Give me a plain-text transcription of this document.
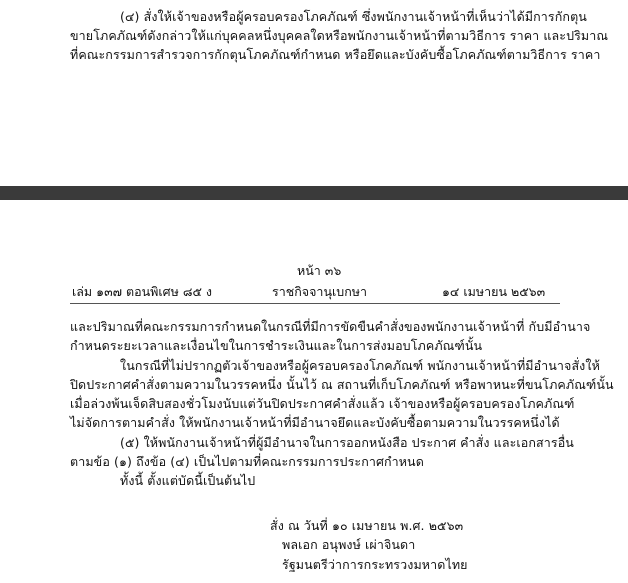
(๔) สั่งให้เจ้าของหรือผู้ครอบครองโภคภัณฑ์ ซึ่งพนักงานเจ้าหน้าที่เห็นว่าได้มีการกักตุน
ขายโภคภัณฑ์ดังกล่าวให้แก่บุคคลหนึ่งบุคคลใดหรือพนักงานเจ้าหน้าที่ตามวิธีการ ราคา และปริมาณ
ที่คณะกรรมการสำรวจการกักตุนโภคภัณฑ์กำหนด หรือยึดและบังคับซื้อโภคภัณฑ์ตามวิธีการ ราคา
หน้า ๓๖
เล่ม ๑๓๗ ตอนพิเศษ ๘๕ ง	ราชกิจจานุเบกษา	๑๔ เมษายน ๒๕๖๓
และปริมาณที่คณะกรรมการกำหนดในกรณีที่มีการขัดขืนคำสั่งของพนักงานเจ้าหน้าที่ กับมีอำนาจ
กำหนดระยะเวลาและเงื่อนไขในการชำระเงินและในการส่งมอบโภคภัณฑ์นั้น
ในกรณีที่ไม่ปรากฏตัวเจ้าของหรือผู้ครอบครองโภคภัณฑ์ พนักงานเจ้าหน้าที่มีอำนาจสั่งให้
ปิดประกาศคำสั่งตามความในวรรคหนึ่ง นั้นไว้ ณ สถานที่เก็บโภคภัณฑ์ หรือพาหนะที่ขนโภคภัณฑ์นั้น
เมื่อล่วงพ้นเจ็ดสิบสองชั่วโมงนับแต่วันปิดประกาศคำสั่งแล้ว เจ้าของหรือผู้ครอบครองโภคภัณฑ์
ไม่จัดการตามคำสั่ง ให้พนักงานเจ้าหน้าที่มีอำนาจยึดและบังคับซื้อตามความในวรรคหนึ่งได้
(๕) ให้พนักงานเจ้าหน้าที่ผู้มีอำนาจในการออกหนังสือ ประกาศ คำสั่ง และเอกสารอื่น
ตามข้อ (๑) ถึงข้อ (๔) เป็นไปตามที่คณะกรรมการประกาศกำหนด
ทั้งนี้ ตั้งแต่บัดนี้เป็นต้นไป
สั่ง ณ วันที่ ๑๐ เมษายน พ.ศ. ๒๕๖๓
พลเอก อนุพงษ์ เผ่าจินดา
รัฐมนตรีว่าการกระทรวงมหาดไทย
